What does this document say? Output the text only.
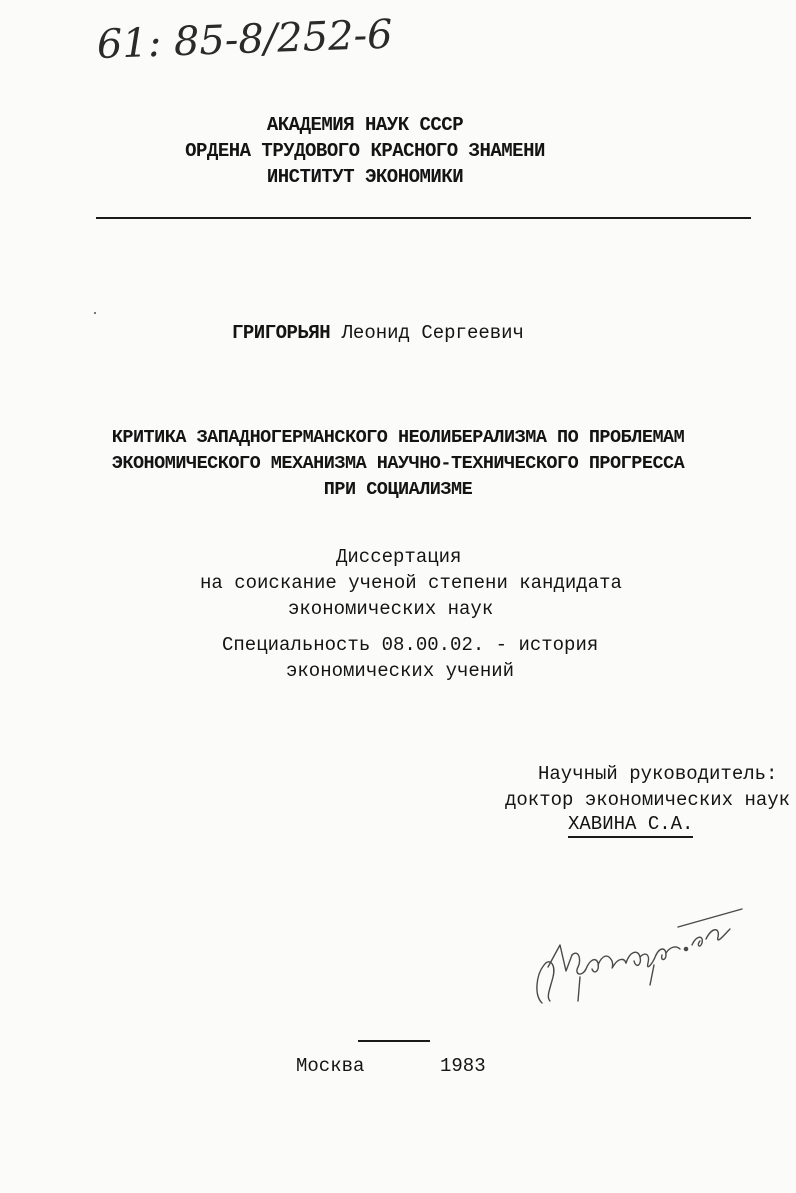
61: 85-8/252-6
АКАДЕМИЯ НАУК СССР
ОРДЕНА ТРУДОВОГО КРАСНОГО ЗНАМЕНИ
ИНСТИТУТ ЭКОНОМИКИ
ГРИГОРЬЯН Леонид Сергеевич
КРИТИКА ЗАПАДНОГЕРМАНСКОГО НЕОЛИБЕРАЛИЗМА ПО ПРОБЛЕМАМ
ЭКОНОМИЧЕСКОГО МЕХАНИЗМА НАУЧНО-ТЕХНИЧЕСКОГО ПРОГРЕССА
ПРИ СОЦИАЛИЗМЕ
Диссертация
на соискание ученой степени кандидата
экономических наук
Специальность 08.00.02. - история
экономических учений
Научный руководитель:
доктор экономических наук
ХАВИНА С.А.
Москва	1983
